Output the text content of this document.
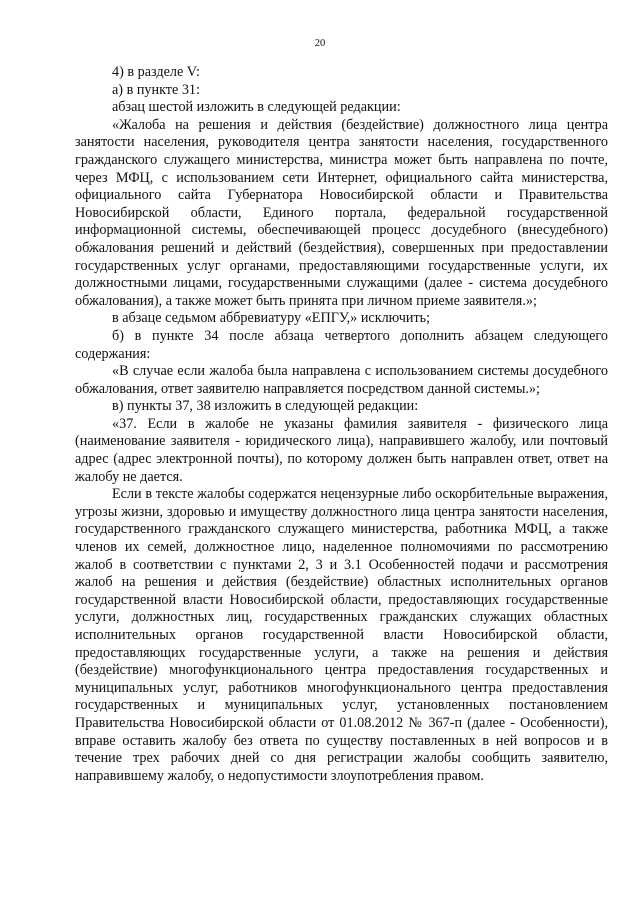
20

4) в разделе V:

а) в пункте 31:

абзац шестой изложить в следующей редакции:

«Жалоба на решения и действия (бездействие) должностного лица центра занятости населения, руководителя центра занятости населения, государственного гражданского служащего министерства, министра может быть направлена по почте, через МФЦ, с использованием сети Интернет, официального сайта министерства, официального сайта Губернатора Новосибирской области и Правительства Новосибирской области, Единого портала, федеральной государственной информационной системы, обеспечивающей процесс досудебного (внесудебного) обжалования решений и действий (бездействия), совершенных при предоставлении государственных услуг органами, предоставляющими государственные услуги, их должностными лицами, государственными служащими (далее - система досудебного обжалования), а также может быть принята при личном приеме заявителя.»;

в абзаце седьмом аббревиатуру «ЕПГУ,» исключить;

б) в пункте 34 после абзаца четвертого дополнить абзацем следующего содержания:

«В случае если жалоба была направлена с использованием системы досудебного обжалования, ответ заявителю направляется посредством данной системы.»;

в) пункты 37, 38 изложить в следующей редакции:

«37. Если в жалобе не указаны фамилия заявителя - физического лица (наименование заявителя - юридического лица), направившего жалобу, или почтовый адрес (адрес электронной почты), по которому должен быть направлен ответ, ответ на жалобу не дается.

Если в тексте жалобы содержатся нецензурные либо оскорбительные выражения, угрозы жизни, здоровью и имуществу должностного лица центра занятости населения, государственного гражданского служащего министерства, работника МФЦ, а также членов их семей, должностное лицо, наделенное полномочиями по рассмотрению жалоб в соответствии с пунктами 2, 3 и 3.1 Особенностей подачи и рассмотрения жалоб на решения и действия (бездействие) областных исполнительных органов государственной власти Новосибирской области, предоставляющих государственные услуги, должностных лиц, государственных гражданских служащих областных исполнительных органов государственной власти Новосибирской области, предоставляющих государственные услуги, а также на решения и действия (бездействие) многофункционального центра предоставления государственных и муниципальных услуг, работников многофункционального центра предоставления государственных и муниципальных услуг, установленных постановлением Правительства Новосибирской области от 01.08.2012 № 367-п (далее - Особенности), вправе оставить жалобу без ответа по существу поставленных в ней вопросов и в течение трех рабочих дней со дня регистрации жалобы сообщить заявителю, направившему жалобу, о недопустимости злоупотребления правом.
